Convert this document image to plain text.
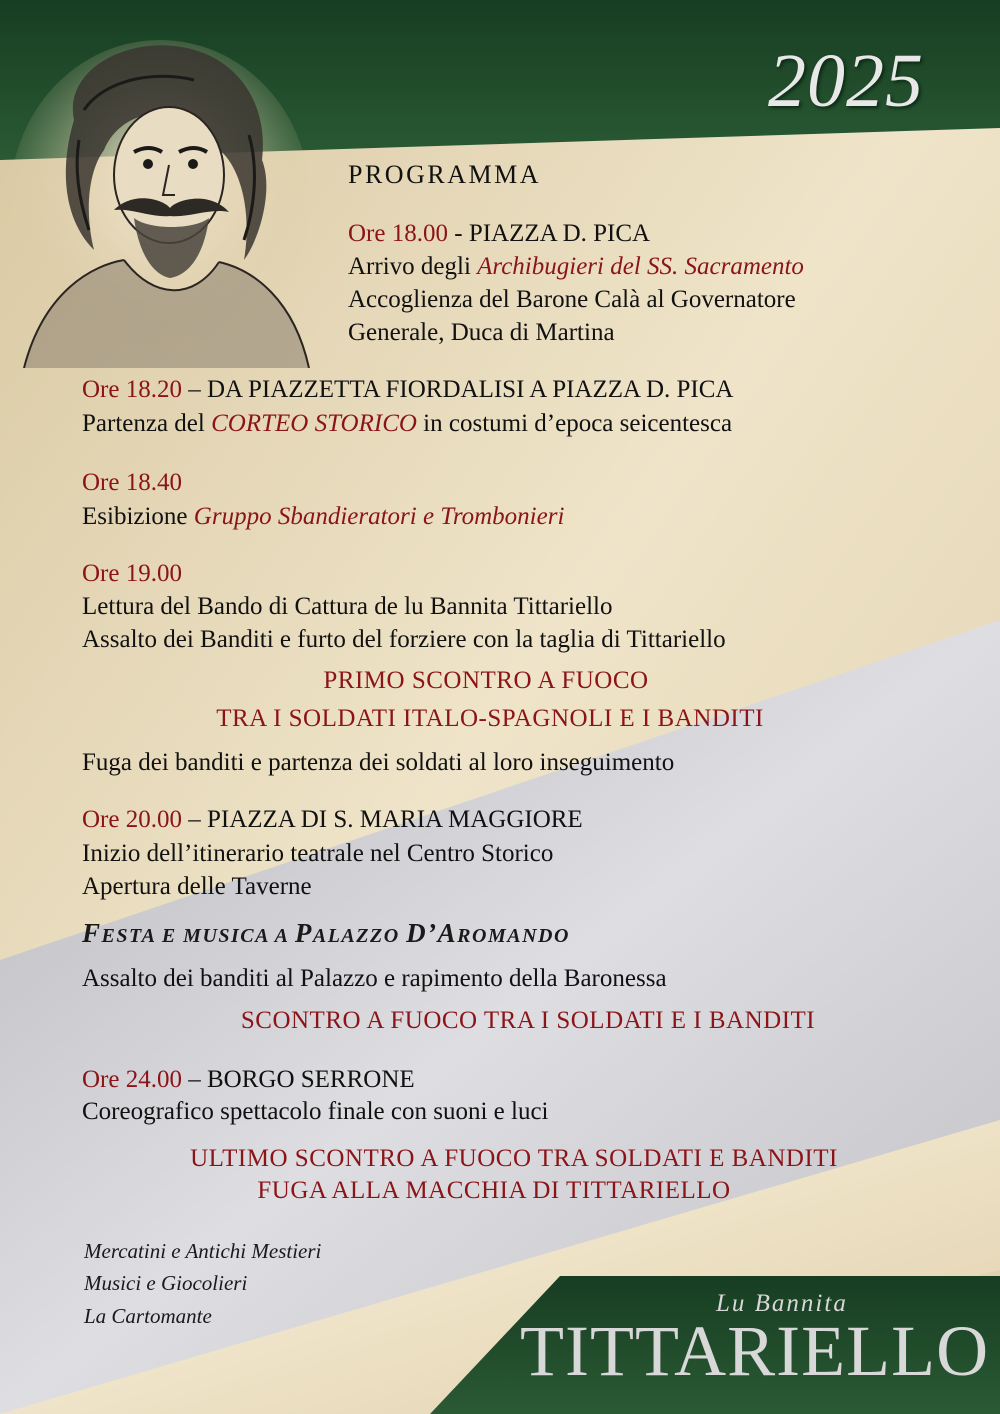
2025
PROGRAMMA
Ore 18.00 - PIAZZA D. PICA
Arrivo degli Archibugieri del SS. Sacramento
Accoglienza del Barone Calà al Governatore
Generale, Duca di Martina
Ore 18.20 – DA PIAZZETTA FIORDALISI A PIAZZA D. PICA
Partenza del CORTEO STORICO in costumi d’epoca seicentesca
Ore 18.40
Esibizione Gruppo Sbandieratori e Trombonieri
Ore 19.00
Lettura del Bando di Cattura de lu Bannita Tittariello
Assalto dei Banditi e furto del forziere con la taglia di Tittariello
PRIMO SCONTRO A FUOCO
TRA I SOLDATI ITALO-SPAGNOLI E I BANDITI
Fuga dei banditi e partenza dei soldati al loro inseguimento
Ore 20.00 – PIAZZA DI S. MARIA MAGGIORE
Inizio dell’itinerario teatrale nel Centro Storico
Apertura delle Taverne
FESTA E MUSICA A PALAZZO D’AROMANDO
Assalto dei banditi al Palazzo e rapimento della Baronessa
SCONTRO A FUOCO TRA I SOLDATI E I BANDITI
Ore 24.00 – BORGO SERRONE
Coreografico spettacolo finale con suoni e luci
ULTIMO SCONTRO A FUOCO TRA SOLDATI E BANDITI
FUGA ALLA MACCHIA DI TITTARIELLO
Mercatini e Antichi Mestieri
Musici e Giocolieri
La Cartomante	Lu Bannita
TITTARIELLO
